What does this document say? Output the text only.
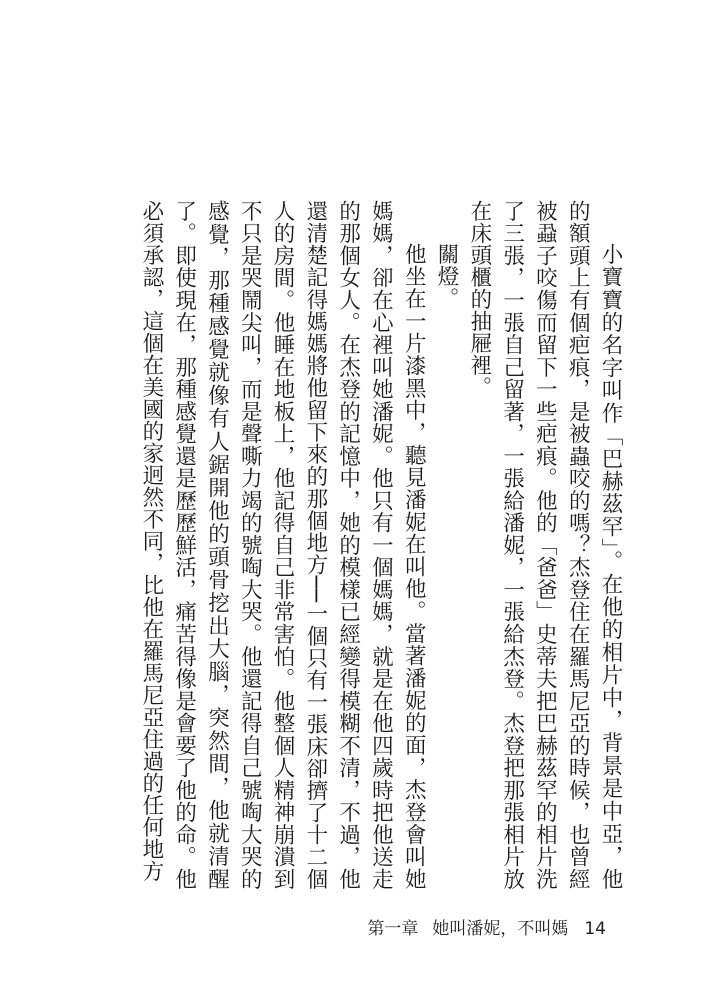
小寶寶的名字叫作「巴赫茲罕」。在他的相片中，背景是中亞，他的額頭上有個疤痕，是被蟲咬的嗎？杰登住在羅馬尼亞的時候，也曾經被蝨子咬傷而留下一些疤痕。他的「爸爸」史蒂夫把巴赫茲罕的相片洗了三張，一張自己留著，一張給潘妮，一張給杰登。杰登把那張相片放在床頭櫃的抽屜裡。

關燈。

他坐在一片漆黑中，聽見潘妮在叫他。當著潘妮的面，杰登會叫她媽媽，卻在心裡叫她潘妮。他只有一個媽媽，就是在他四歲時把他送走的那個女人。在杰登的記憶中，她的模樣已經變得模糊不清，不過，他還清楚記得媽媽將他留下來的那個地方──一個只有一張床卻擠了十二個人的房間。他睡在地板上，他記得自己非常害怕。他整個人精神崩潰到不只是哭鬧尖叫，而是聲嘶力竭的號啕大哭。他還記得自己號啕大哭的感覺，那種感覺就像有人鋸開他的頭骨挖出大腦，突然間，他就清醒了。即使現在，那種感覺還是歷歷鮮活，痛苦得像是會要了他的命。他必須承認，這個在美國的家迥然不同，比他在羅馬尼亞住過的任何地方

第一章 她叫潘妮，不叫媽 14
